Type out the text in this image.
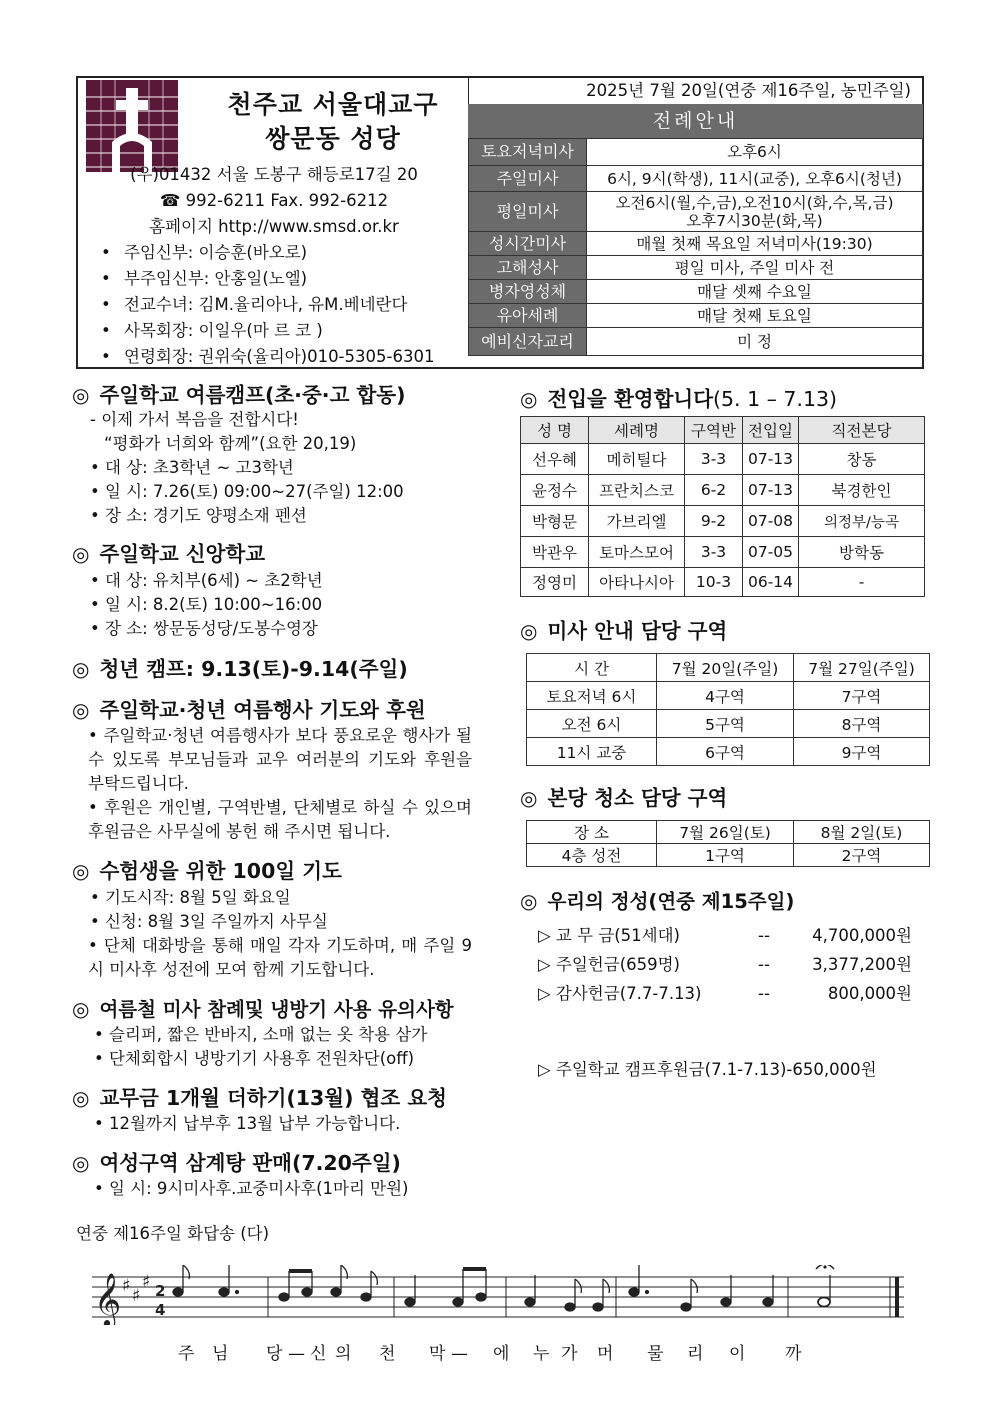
천주교 서울대교구
쌍문동 성당
(우)01432 서울 도봉구 해등로17길 20
☎ 992-6211 Fax. 992-6212
홈페이지 http://www.smsd.or.kr
• 주임신부: 이승훈(바오로)
• 부주임신부: 안홍일(노엘)
• 전교수녀: 김M.율리아나, 유M.베네란다
• 사목회장: 이일우(마 르 코 )
• 연령회장: 권위숙(율리아)010-5305-6301
2025년 7월 20일(연중 제16주일, 농민주일)
전례안내
토요저녁미사	오후6시
주일미사	6시, 9시(학생), 11시(교중), 오후6시(청년)
평일미사	오전6시(월,수,금),오전10시(화,수,목,금)
오후7시30분(화,목)

성시간미사	매월 첫째 목요일 저녁미사(19:30)
고해성사	평일 미사, 주일 미사 전
병자영성체	매달 셋째 수요일
유아세례	매달 첫째 토요일
예비신자교리	미 정
◎ 주일학교 여름캠프(초·중·고 합동)
- 이제 가서 복음을 전합시다!
“평화가 너희와 함께”(요한 20,19)
• 대 상: 초3학년 ~ 고3학년
• 일 시: 7.26(토) 09:00~27(주일) 12:00
• 장 소: 경기도 양평소재 펜션
◎ 주일학교 신앙학교
• 대 상: 유치부(6세) ~ 초2학년
• 일 시: 8.2(토) 10:00~16:00
• 장 소: 쌍문동성당/도봉수영장
◎ 청년 캠프: 9.13(토)-9.14(주일)
◎ 주일학교·청년 여름행사 기도와 후원
• 주일학교·청년 여름행사가 보다 풍요로운 행사가 될 수 있도록 부모님들과 교우 여러분의 기도와 후원을 부탁드립니다.
• 후원은 개인별, 구역반별, 단체별로 하실 수 있으며 후원금은 사무실에 봉헌 해 주시면 됩니다.
◎ 수험생을 위한 100일 기도
• 기도시작: 8월 5일 화요일
• 신청: 8월 3일 주일까지 사무실
• 단체 대화방을 통해 매일 각자 기도하며, 매 주일 9시 미사후 성전에 모여 함께 기도합니다.
◎ 여름철 미사 참례및 냉방기 사용 유의사항
• 슬리퍼, 짧은 반바지, 소매 없는 옷 착용 삼가
• 단체회합시 냉방기기 사용후 전원차단(off)
◎ 교무금 1개월 더하기(13월) 협조 요청
• 12월까지 납부후 13월 납부 가능합니다.
◎ 여성구역 삼계탕 판매(7.20주일)
• 일 시: 9시미사후.교중미사후(1마리 만원)
◎ 전입을 환영합니다(5. 1 – 7.13)
성 명	세례명	구역반	전입일	직전본당
선우혜	메히틸다	3-3	07-13	창동
윤정수	프란치스코	6-2	07-13	북경한인
박형문	가브리엘	9-2	07-08	의정부/능곡
박관우	토마스모어	3-3	07-05	방학동
정영미	아타나시아	10-3	06-14	-
◎ 미사 안내 담당 구역
시 간	7월 20일(주일)	7월 27일(주일)
토요저녁 6시	4구역	7구역
오전 6시	5구역	8구역
11시 교중	6구역	9구역
◎ 본당 청소 담당 구역
장 소	7월 26일(토)	8월 2일(토)
4층 성전	1구역	2구역
◎ 우리의 정성(연중 제15주일)
▷ 교 무 금(51세대)	--	4,700,000원
▷ 주일헌금(659명)	--	3,377,200원
▷ 감사헌금(7.7-7.13)	--	800,000원
▷ 주일학교 캠프후원금(7.1-7.13)-650,000원
연중 제16주일 화답송 (다)
𝄞 ♯ ♯
♯ 2
4
주 님 당 — 신 의 천 막 — 에 누 가 머 물 리 이 까
